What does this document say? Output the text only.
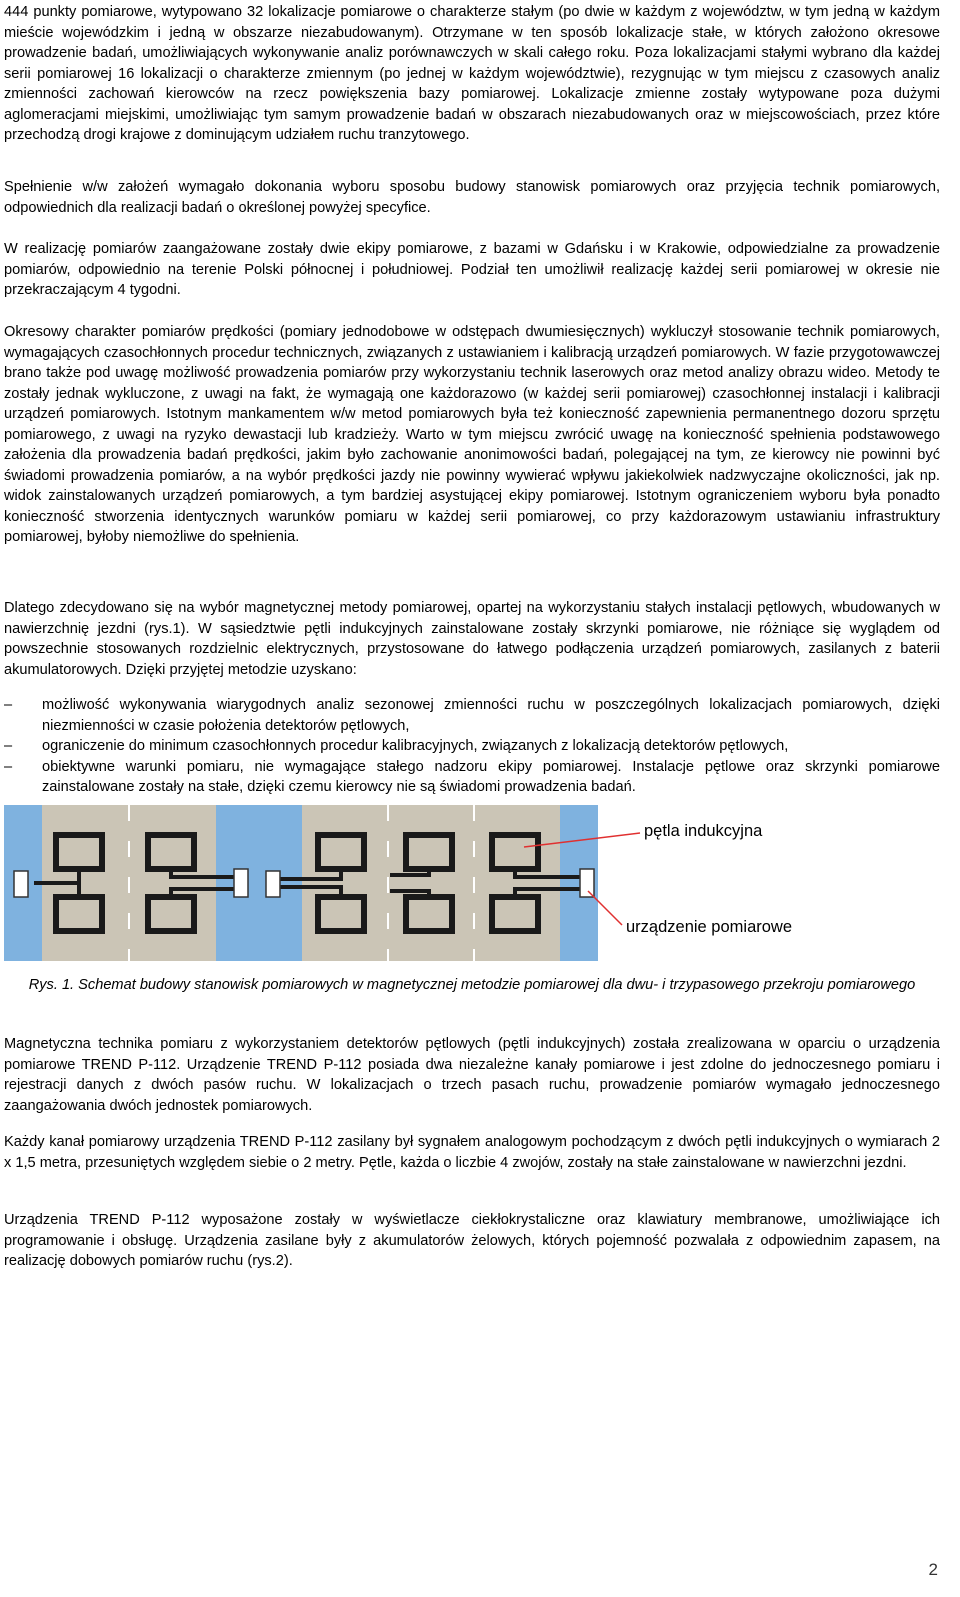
444 punkty pomiarowe, wytypowano 32 lokalizacje pomiarowe o charakterze stałym (po dwie w każdym z województw, w tym jedną w każdym mieście wojewódzkim i jedną w obszarze niezabudowanym). Otrzymane w ten sposób lokalizacje stałe, w których założono okresowe prowadzenie badań, umożliwiających wykonywanie analiz porównawczych w skali całego roku. Poza lokalizacjami stałymi wybrano dla każdej serii pomiarowej 16 lokalizacji o charakterze zmiennym (po jednej w każdym województwie), rezygnując w tym miejscu z czasowych analiz zmienności zachowań kierowców na rzecz powiększenia bazy pomiarowej. Lokalizacje zmienne zostały wytypowane poza dużymi aglomeracjami miejskimi, umożliwiając tym samym prowadzenie badań w obszarach niezabudowanych oraz w miejscowościach, przez które przechodzą drogi krajowe z dominującym udziałem ruchu tranzytowego.

Spełnienie w/w założeń wymagało dokonania wyboru sposobu budowy stanowisk pomiarowych oraz przyjęcia technik pomiarowych, odpowiednich dla realizacji badań o określonej powyżej specyfice.

W realizację pomiarów zaangażowane zostały dwie ekipy pomiarowe, z bazami w Gdańsku i w Krakowie, odpowiedzialne za prowadzenie pomiarów, odpowiednio na terenie Polski północnej i południowej. Podział ten umożliwił realizację każdej serii pomiarowej w okresie nie przekraczającym 4 tygodni.

Okresowy charakter pomiarów prędkości (pomiary jednodobowe w odstępach dwumiesięcznych) wykluczył stosowanie technik pomiarowych, wymagających czasochłonnych procedur technicznych, związanych z ustawianiem i kalibracją urządzeń pomiarowych. W fazie przygotowawczej brano także pod uwagę możliwość prowadzenia pomiarów przy wykorzystaniu technik laserowych oraz metod analizy obrazu wideo. Metody te zostały jednak wykluczone, z uwagi na fakt, że wymagają one każdorazowo (w każdej serii pomiarowej) czasochłonnej instalacji i kalibracji urządzeń pomiarowych. Istotnym mankamentem w/w metod pomiarowych była też konieczność zapewnienia permanentnego dozoru sprzętu pomiarowego, z uwagi na ryzyko dewastacji lub kradzieży. Warto w tym miejscu zwrócić uwagę na konieczność spełnienia podstawowego założenia dla prowadzenia badań prędkości, jakim było zachowanie anonimowości badań, polegającej na tym, ze kierowcy nie powinni być świadomi prowadzenia pomiarów, a na wybór prędkości jazdy nie powinny wywierać wpływu jakiekolwiek nadzwyczajne okoliczności, jak np. widok zainstalowanych urządzeń pomiarowych, a tym bardziej asystującej ekipy pomiarowej. Istotnym ograniczeniem wyboru była ponadto konieczność stworzenia identycznych warunków pomiaru w każdej serii pomiarowej, co przy każdorazowym ustawianiu infrastruktury pomiarowej, byłoby niemożliwe do spełnienia.

Dlatego zdecydowano się na wybór magnetycznej metody pomiarowej, opartej na wykorzystaniu stałych instalacji pętlowych, wbudowanych w nawierzchnię jezdni (rys.1). W sąsiedztwie pętli indukcyjnych zainstalowane zostały skrzynki pomiarowe, nie różniące się wyglądem od powszechnie stosowanych rozdzielnic elektrycznych, przystosowane do łatwego podłączenia urządzeń pomiarowych, zasilanych z baterii akumulatorowych. Dzięki przyjętej metodzie uzyskano:

–	możliwość wykonywania wiarygodnych analiz sezonowej zmienności ruchu w poszczególnych lokalizacjach pomiarowych, dzięki niezmienności w czasie położenia detektorów pętlowych,
–	ograniczenie do minimum czasochłonnych procedur kalibracyjnych, związanych z lokalizacją detektorów pętlowych,
–	obiektywne warunki pomiaru, nie wymagające stałego nadzoru ekipy pomiarowej. Instalacje pętlowe oraz skrzynki pomiarowe zainstalowane zostały na stałe, dzięki czemu kierowcy nie są świadomi prowadzenia badań.
pętla indukcyjna
urządzenie pomiarowe
Rys. 1. Schemat budowy stanowisk pomiarowych w magnetycznej metodzie pomiarowej dla dwu- i trzypasowego przekroju pomiarowego

Magnetyczna technika pomiaru z wykorzystaniem detektorów pętlowych (pętli indukcyjnych) została zrealizowana w oparciu o urządzenia pomiarowe TREND P-112. Urządzenie TREND P-112 posiada dwa niezależne kanały pomiarowe i jest zdolne do jednoczesnego pomiaru i rejestracji danych z dwóch pasów ruchu. W lokalizacjach o trzech pasach ruchu, prowadzenie pomiarów wymagało jednoczesnego zaangażowania dwóch jednostek pomiarowych.

Każdy kanał pomiarowy urządzenia TREND P-112 zasilany był sygnałem analogowym pochodzącym z dwóch pętli indukcyjnych o wymiarach 2 x 1,5 metra, przesuniętych względem siebie o 2 metry. Pętle, każda o liczbie 4 zwojów, zostały na stałe zainstalowane w nawierzchni jezdni.

Urządzenia TREND P-112 wyposażone zostały w wyświetlacze ciekłokrystaliczne oraz klawiatury membranowe, umożliwiające ich programowanie i obsługę. Urządzenia zasilane były z akumulatorów żelowych, których pojemność pozwalała z odpowiednim zapasem, na realizację dobowych pomiarów ruchu (rys.2).

2
